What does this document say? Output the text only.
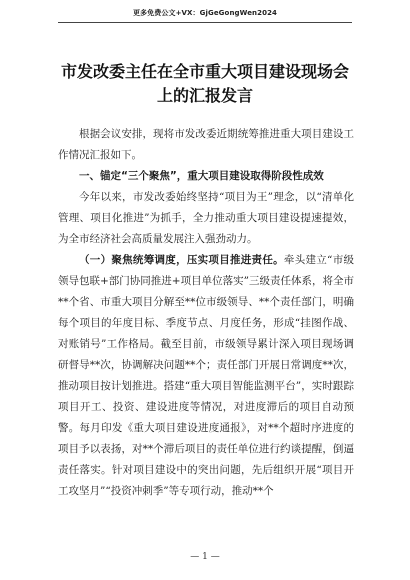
更多免费公文+VX：GjGeGongWen2024
市发改委主任在全市重大项目建设现场会上的汇报发言

根据会议安排，现将市发改委近期统筹推进重大项目建设工作情况汇报如下。

一、锚定“三个聚焦”，重大项目建设取得阶段性成效

今年以来，市发改委始终坚持“项目为王”理念，以“清单化管理、项目化推进”为抓手，全力推动重大项目建设提速提效，为全市经济社会高质量发展注入强劲动力。

（一）聚焦统筹调度，压实项目推进责任。牵头建立“市级领导包联+部门协同推进+项目单位落实”三级责任体系，将全市**个省、市重大项目分解至**位市级领导、**个责任部门，明确每个项目的年度目标、季度节点、月度任务，形成“挂图作战、对账销号”工作格局。截至目前，市级领导累计深入项目现场调研督导**次，协调解决问题**个；责任部门开展日常调度**次，推动项目按计划推进。搭建“重大项目智能监测平台”，实时跟踪项目开工、投资、建设进度等情况，对进度滞后的项目自动预警。每月印发《重大项目建设进度通报》，对**个超时序进度的项目予以表扬，对**个滞后项目的责任单位进行约谈提醒，倒逼责任落实。针对项目建设中的突出问题，先后组织开展“项目开工攻坚月”“投资冲刺季”等专项行动，推动**个

— 1 —
